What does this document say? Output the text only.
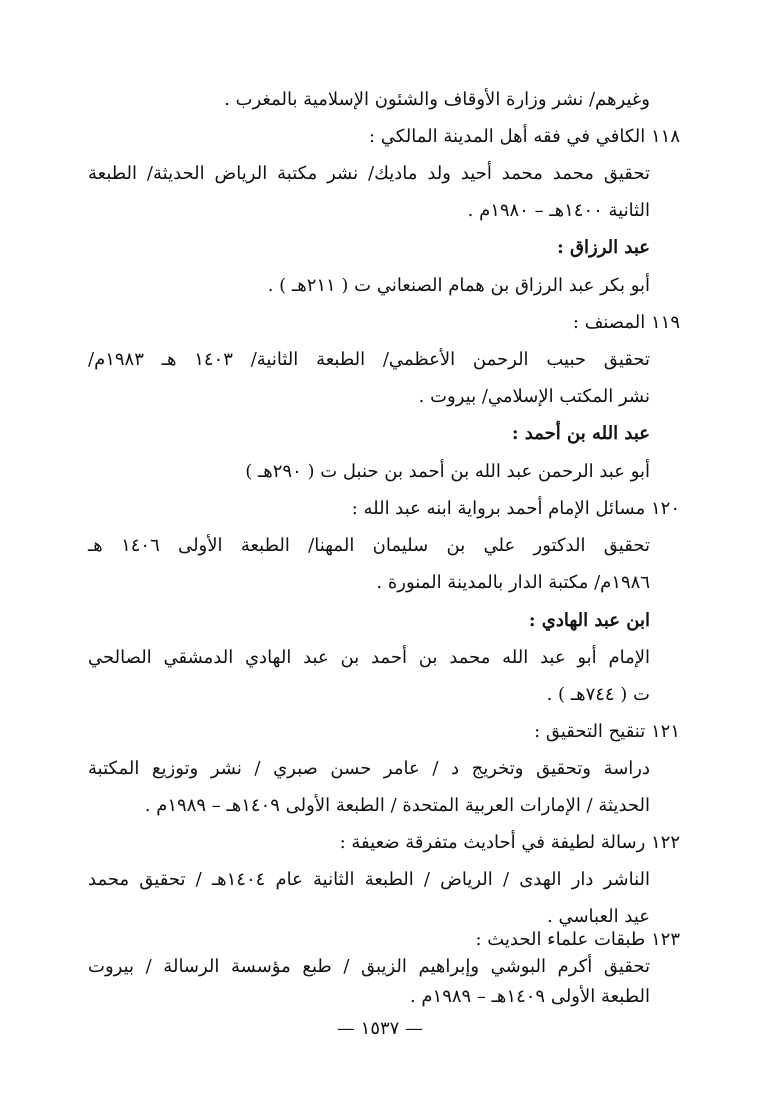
وغيرهم/ نشر وزارة الأوقاف والشئون الإسلامية بالمغرب .
١١٨ الكافي في فقه أهل المدينة المالكي :
تحقيق محمد محمد أحيد ولد ماديك/ نشر مكتبة الرياض الحديثة/ الطبعة
الثانية ١٤٠٠هـ – ١٩٨٠م .
عبد الرزاق :
أبو بكر عبد الرزاق بن همام الصنعاني ت ( ٢١١هـ ) .
١١٩ المصنف :
تحقيق حبيب الرحمن الأعظمي/ الطبعة الثانية/ ١٤٠٣ هـ ١٩٨٣م/
نشر المكتب الإسلامي/ بيروت .
عبد الله بن أحمد :
أبو عبد الرحمن عبد الله بن أحمد بن حنبل ت ( ٢٩٠هـ )
١٢٠ مسائل الإمام أحمد برواية ابنه عبد الله :
تحقيق الدكتور علي بن سليمان المهنا/ الطبعة الأولى ١٤٠٦ هـ
١٩٨٦م/ مكتبة الدار بالمدينة المنورة .
ابن عبد الهادي :
الإمام أبو عبد الله محمد بن أحمد بن عبد الهادي الدمشقي الصالحي
ت ( ٧٤٤هـ ) .
١٢١ تنقيح التحقيق :
دراسة وتحقيق وتخريج د / عامر حسن صبري / نشر وتوزيع المكتبة
الحديثة / الإمارات العربية المتحدة / الطبعة الأولى ١٤٠٩هـ – ١٩٨٩م .
١٢٢ رسالة لطيفة في أحاديث متفرقة ضعيفة :
الناشر دار الهدى / الرياض / الطبعة الثانية عام ١٤٠٤هـ / تحقيق محمد
عيد العباسي .
١٢٣ طبقات علماء الحديث :
تحقيق أكرم البوشي وإبراهيم الزيبق / طبع مؤسسة الرسالة / بيروت
الطبعة الأولى ١٤٠٩هـ – ١٩٨٩م .
— ١٥٣٧ —
